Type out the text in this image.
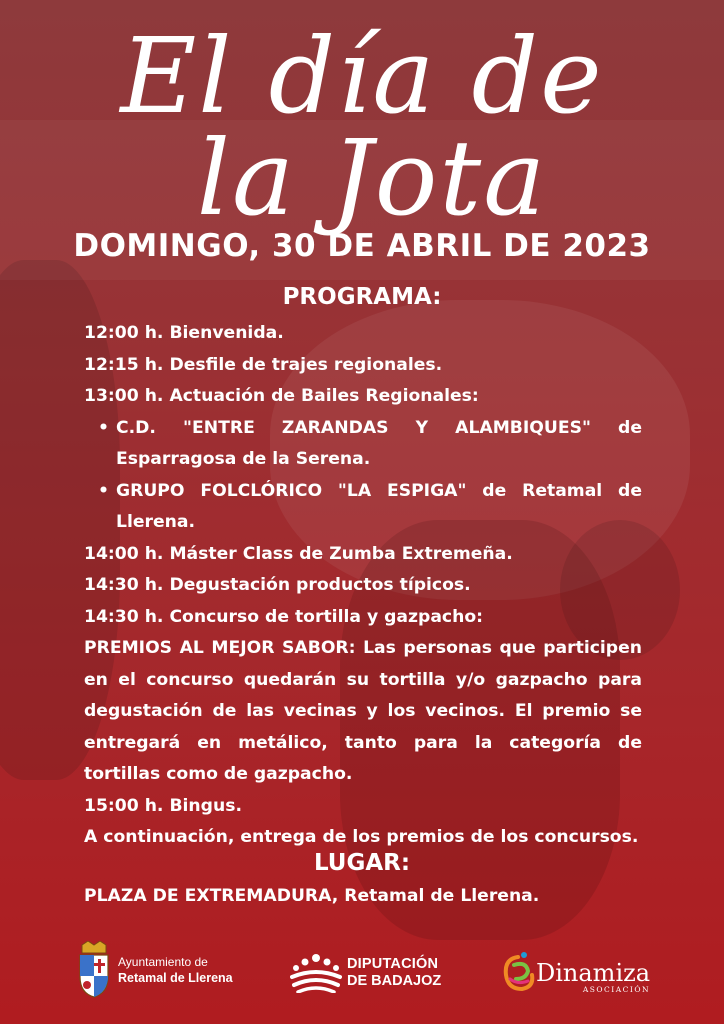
El día de
la Jota
DOMINGO, 30 DE ABRIL DE 2023
PROGRAMA:
12:00 h. Bienvenida.
12:15 h. Desfile de trajes regionales.
13:00 h. Actuación de Bailes Regionales:
• C.D. "ENTRE ZARANDAS Y ALAMBIQUES" de Esparragosa de la Serena.
• GRUPO FOLCLÓRICO "LA ESPIGA" de Retamal de Llerena.
14:00 h. Máster Class de Zumba Extremeña.
14:30 h. Degustación productos típicos.
14:30 h. Concurso de tortilla y gazpacho:
PREMIOS AL MEJOR SABOR: Las personas que participen en el concurso quedarán su tortilla y/o gazpacho para degustación de las vecinas y los vecinos. El premio se entregará en metálico, tanto para la categoría de tortillas como de gazpacho.
15:00 h. Bingus.
A continuación, entrega de los premios de los concursos.
LUGAR:
PLAZA DE EXTREMADURA, Retamal de Llerena.
Ayuntamiento de
Retamal de Llerena
DIPUTACIÓN
DE BADAJOZ	Dinamiza
ASOCIACIÓN
